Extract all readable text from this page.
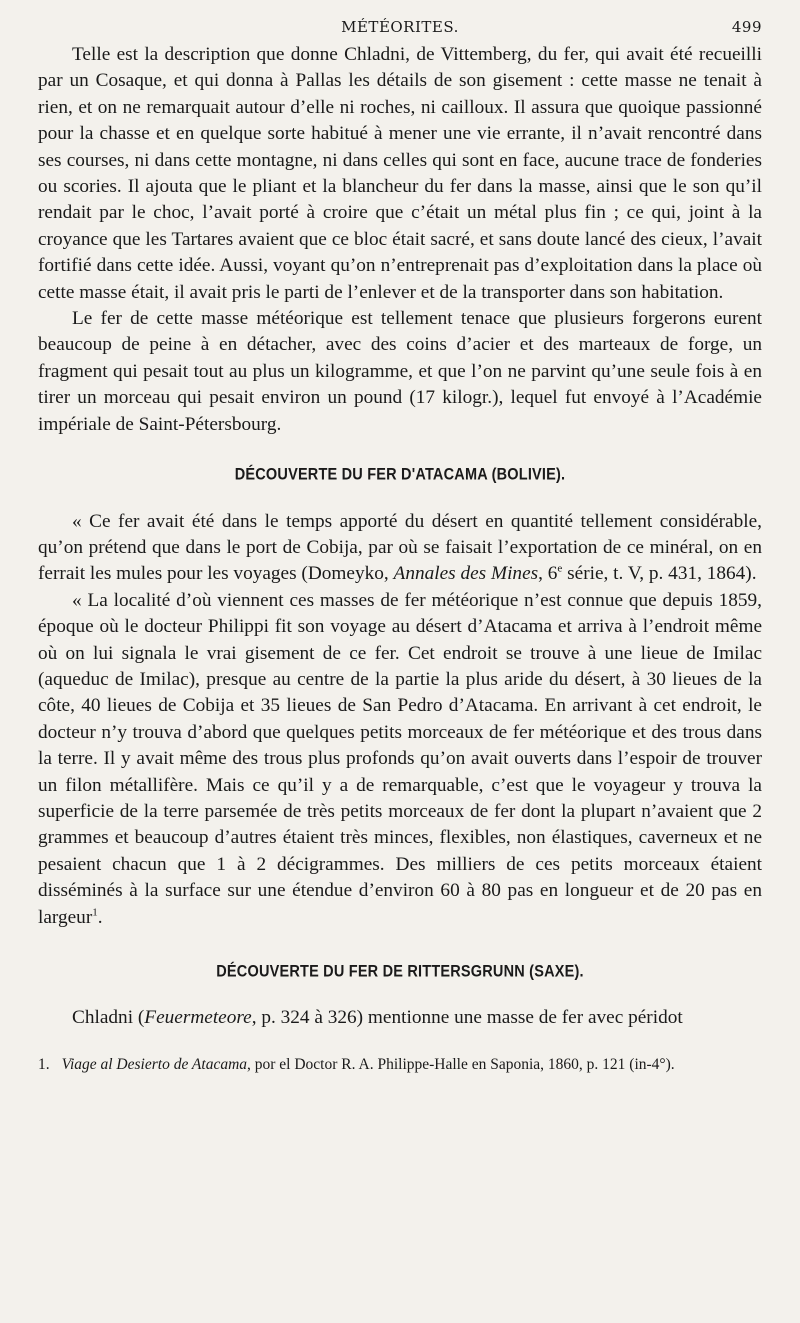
MÉTÉORITES.	499

Telle est la description que donne Chladni, de Vittemberg, du fer, qui avait été recueilli par un Cosaque, et qui donna à Pallas les détails de son gisement : cette masse ne tenait à rien, et on ne remarquait autour d’elle ni roches, ni cailloux. Il assura que quoique passionné pour la chasse et en quelque sorte habitué à mener une vie errante, il n’avait rencontré dans ses courses, ni dans cette montagne, ni dans celles qui sont en face, aucune trace de fonderies ou scories. Il ajouta que le pliant et la blancheur du fer dans la masse, ainsi que le son qu’il rendait par le choc, l’avait porté à croire que c’était un métal plus fin ; ce qui, joint à la croyance que les Tartares avaient que ce bloc était sacré, et sans doute lancé des cieux, l’avait fortifié dans cette idée. Aussi, voyant qu’on n’entreprenait pas d’exploitation dans la place où cette masse était, il avait pris le parti de l’enlever et de la transporter dans son habitation.

Le fer de cette masse météorique est tellement tenace que plusieurs forgerons eurent beaucoup de peine à en détacher, avec des coins d’acier et des marteaux de forge, un fragment qui pesait tout au plus un kilogramme, et que l’on ne parvint qu’une seule fois à en tirer un morceau qui pesait environ un pound (17 kilogr.), lequel fut envoyé à l’Académie impériale de Saint-Pétersbourg.

DÉCOUVERTE DU FER D'ATACAMA (BOLIVIE).

« Ce fer avait été dans le temps apporté du désert en quantité tellement considérable, qu’on prétend que dans le port de Cobija, par où se faisait l’exportation de ce minéral, on en ferrait les mules pour les voyages (Domeyko, Annales des Mines, 6e série, t. V, p. 431, 1864).

« La localité d’où viennent ces masses de fer météorique n’est connue que depuis 1859, époque où le docteur Philippi fit son voyage au désert d’Atacama et arriva à l’endroit même où on lui signala le vrai gisement de ce fer. Cet endroit se trouve à une lieue de Imilac (aqueduc de Imilac), presque au centre de la partie la plus aride du désert, à 30 lieues de la côte, 40 lieues de Cobija et 35 lieues de San Pedro d’Atacama. En arrivant à cet endroit, le docteur n’y trouva d’abord que quelques petits morceaux de fer météorique et des trous dans la terre. Il y avait même des trous plus profonds qu’on avait ouverts dans l’espoir de trouver un filon métallifère. Mais ce qu’il y a de remarquable, c’est que le voyageur y trouva la superficie de la terre parsemée de très petits morceaux de fer dont la plupart n’avaient que 2 grammes et beaucoup d’autres étaient très minces, flexibles, non élastiques, caverneux et ne pesaient chacun que 1 à 2 décigrammes. Des milliers de ces petits morceaux étaient disséminés à la surface sur une étendue d’environ 60 à 80 pas en longueur et de 20 pas en largeur$^1$.

DÉCOUVERTE DU FER DE RITTERSGRUNN (SAXE).

Chladni (Feuermeteore, p. 324 à 326) mentionne une masse de fer avec péridot

1. Viage al Desierto de Atacama, por el Doctor R. A. Philippe-Halle en Saponia, 1860, p. 121 (in-4°).
